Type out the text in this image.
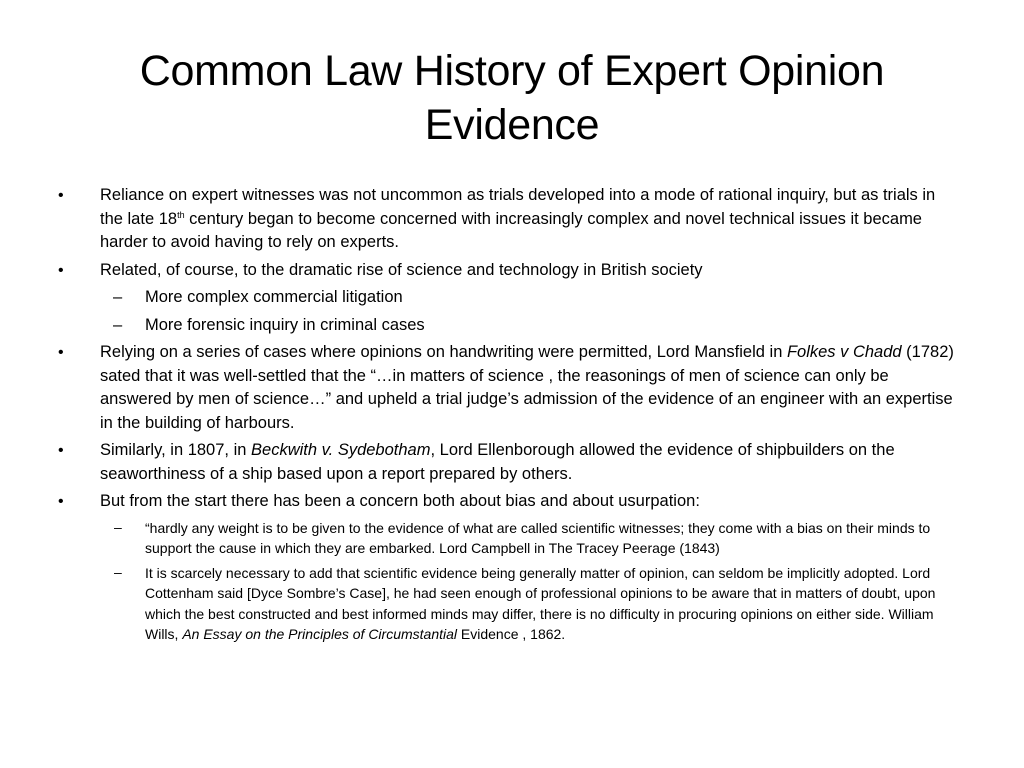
Common Law History of Expert Opinion
Evidence
• Reliance on expert witnesses was not uncommon as trials developed into a mode of rational inquiry, but as trials in the late 18th century began to become concerned with increasingly complex and novel technical issues it became harder to avoid having to rely on experts.
• Related, of course, to the dramatic rise of science and technology in British society
– More complex commercial litigation
– More forensic inquiry in criminal cases
• Relying on a series of cases where opinions on handwriting were permitted, Lord Mansfield in Folkes v Chadd (1782) sated that it was well-settled that the “…in matters of science , the reasonings of men of science can only be answered by men of science…” and upheld a trial judge’s admission of the evidence of an engineer with an expertise in the building of harbours.
• Similarly, in 1807, in Beckwith v. Sydebotham, Lord Ellenborough allowed the evidence of shipbuilders on the seaworthiness of a ship based upon a report prepared by others.
• But from the start there has been a concern both about bias and about usurpation:
– “hardly any weight is to be given to the evidence of what are called scientific witnesses; they come with a bias on their minds to support the cause in which they are embarked. Lord Campbell in The Tracey Peerage (1843)
– It is scarcely necessary to add that scientific evidence being generally matter of opinion, can seldom be implicitly adopted. Lord Cottenham said [Dyce Sombre’s Case], he had seen enough of professional opinions to be aware that in matters of doubt, upon which the best constructed and best informed minds may differ, there is no difficulty in procuring opinions on either side. William Wills, An Essay on the Principles of Circumstantial Evidence , 1862.
